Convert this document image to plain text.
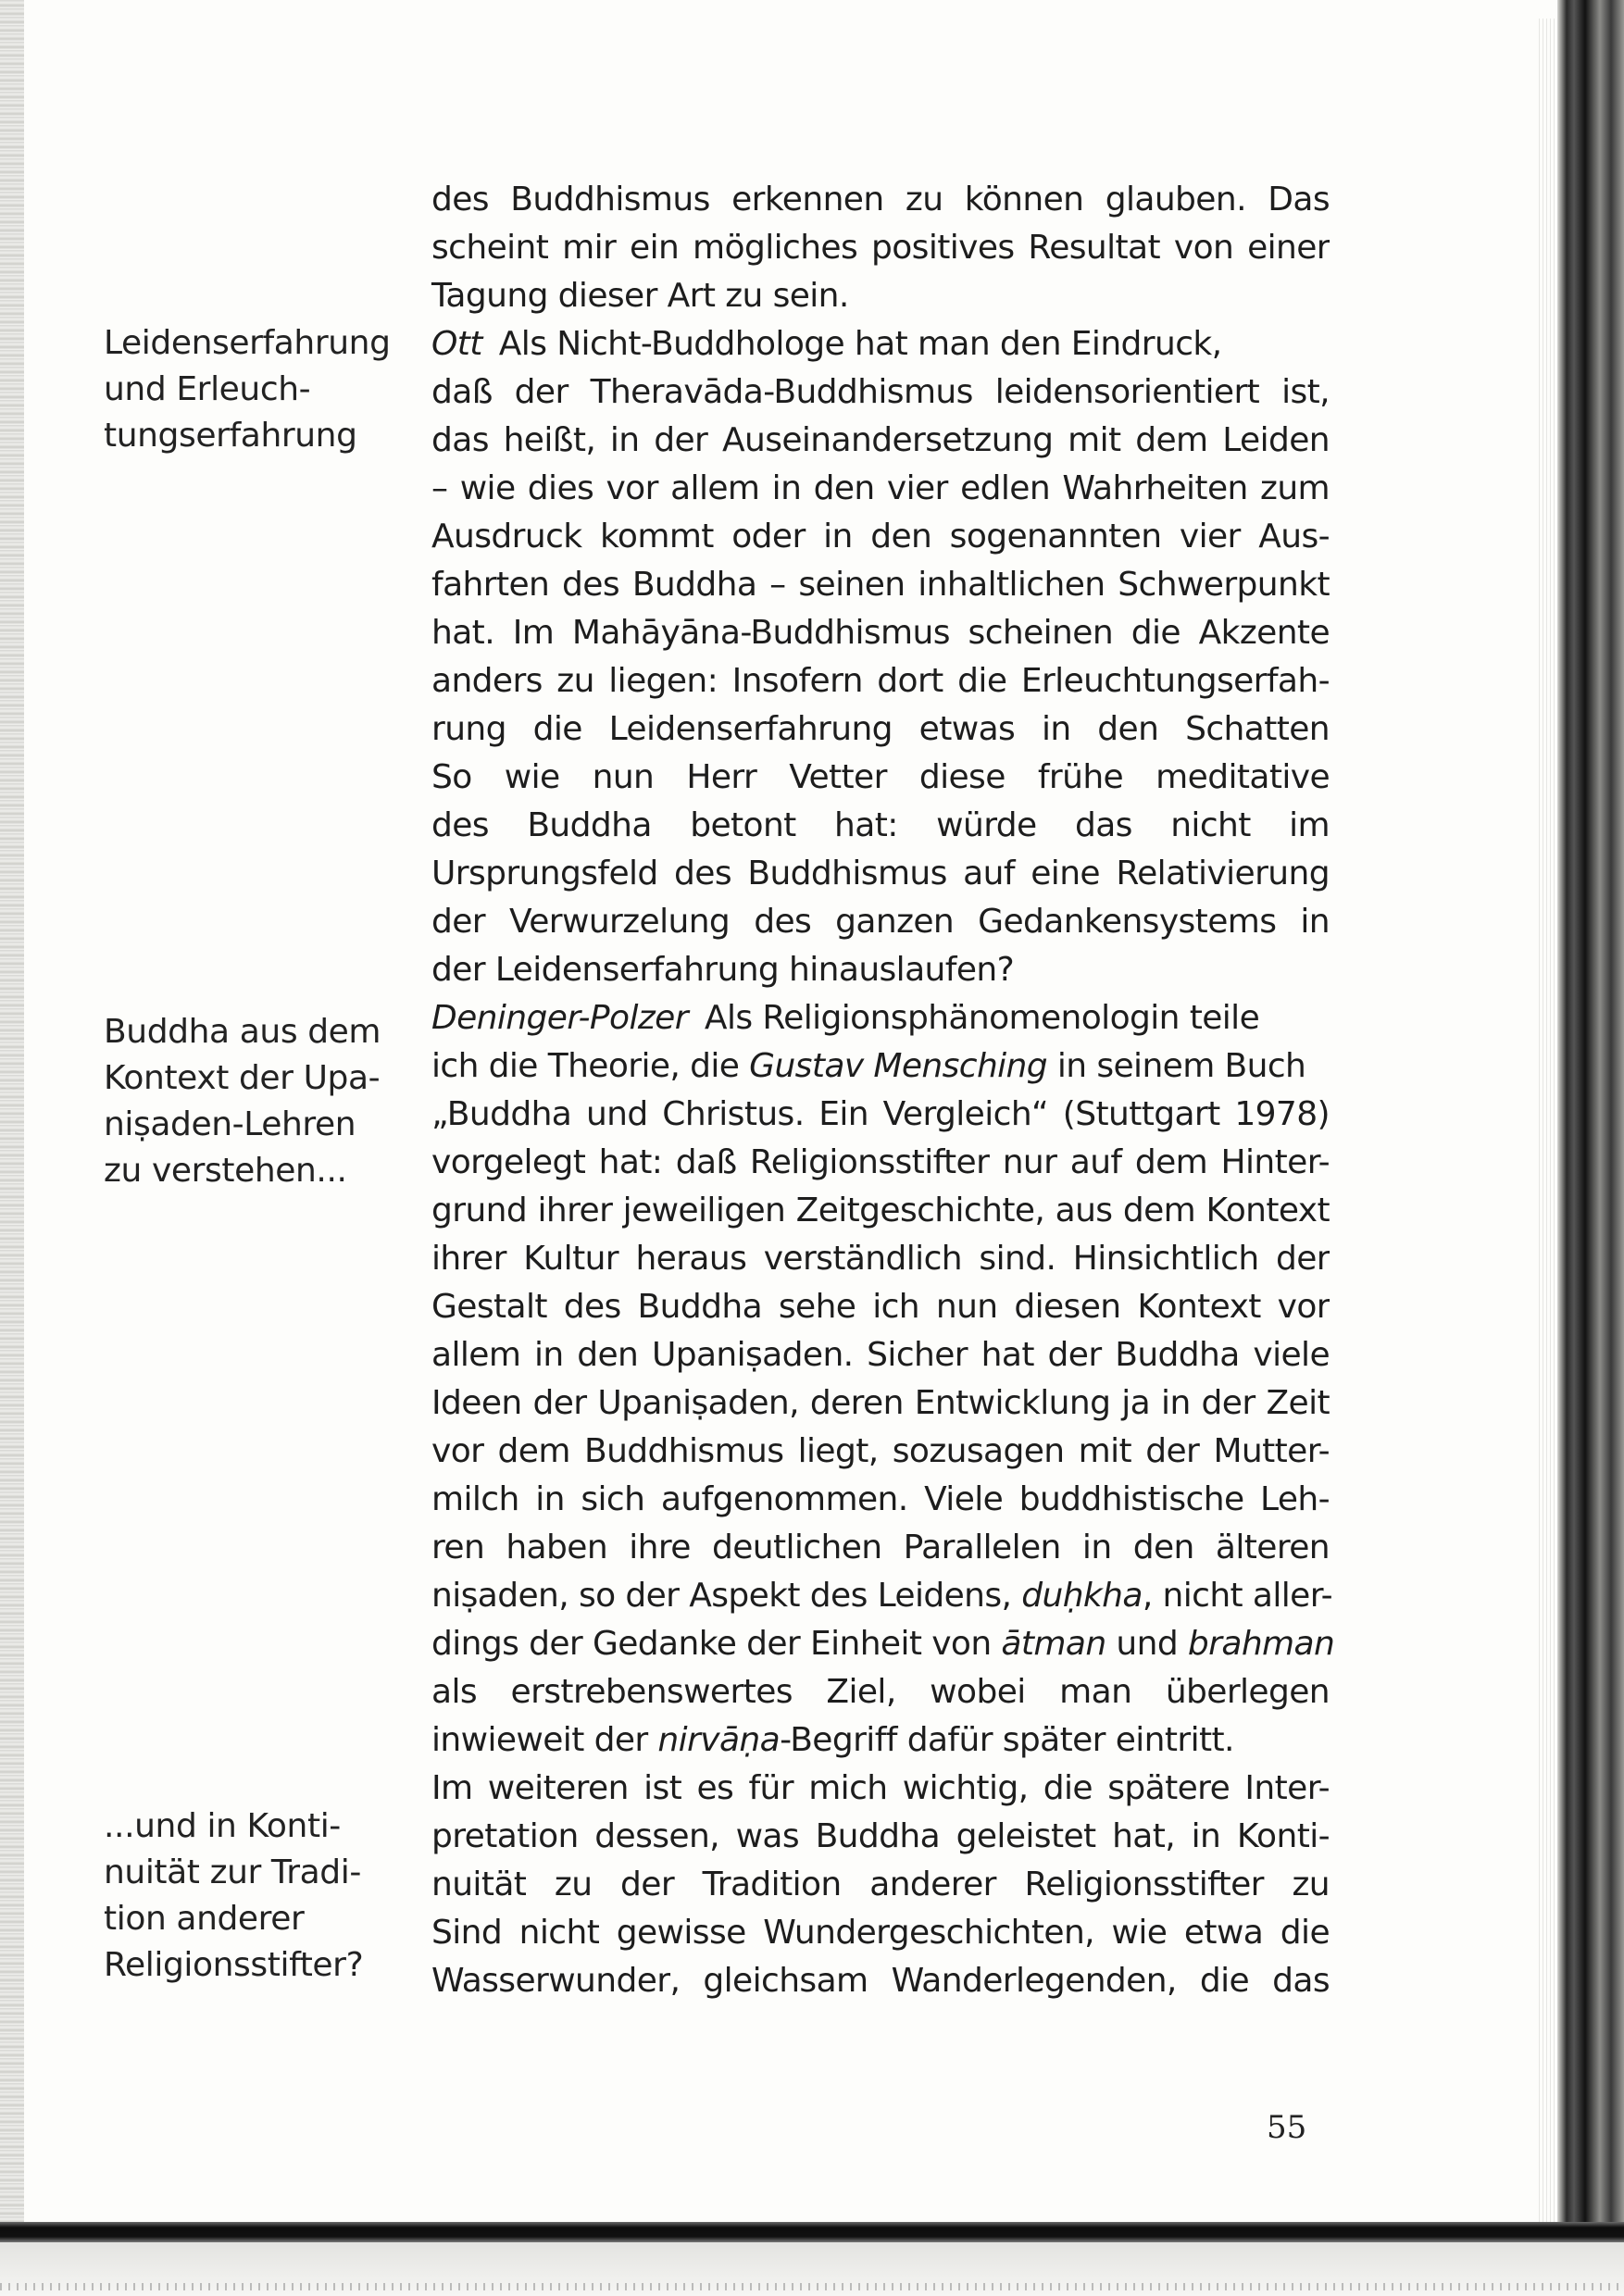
Leidenserfahrung
und Erleuch-
tungserfahrung
Buddha aus dem
Kontext der Upa-
niṣaden-Lehren
zu verstehen...
...und in Konti-
nuität zur Tradi-
tion anderer
Religionsstifter?
des Buddhismus erkennen zu können glauben. Das
scheint mir ein mögliches positives Resultat von einer
Tagung dieser Art zu sein.
Ott Als Nicht-Buddhologe hat man den Eindruck,
daß der Theravāda-Buddhismus leidensorientiert ist,
das heißt, in der Auseinandersetzung mit dem Leiden
– wie dies vor allem in den vier edlen Wahrheiten zum
Ausdruck kommt oder in den sogenannten vier Aus-
fahrten des Buddha – seinen inhaltlichen Schwerpunkt
hat. Im Mahāyāna-Buddhismus scheinen die Akzente
anders zu liegen: Insofern dort die Erleuchtungserfah-
rung die Leidenserfahrung etwas in den Schatten
So wie nun Herr Vetter diese frühe meditative
des Buddha betont hat: würde das nicht im
Ursprungsfeld des Buddhismus auf eine Relativierung
der Verwurzelung des ganzen Gedankensystems in
der Leidenserfahrung hinauslaufen?
Deninger-Polzer Als Religionsphänomenologin teile
ich die Theorie, die Gustav Mensching in seinem Buch
„Buddha und Christus. Ein Vergleich“ (Stuttgart 1978)
vorgelegt hat: daß Religionsstifter nur auf dem Hinter-
grund ihrer jeweiligen Zeitgeschichte, aus dem Kontext
ihrer Kultur heraus verständlich sind. Hinsichtlich der
Gestalt des Buddha sehe ich nun diesen Kontext vor
allem in den Upaniṣaden. Sicher hat der Buddha viele
Ideen der Upaniṣaden, deren Entwicklung ja in der Zeit
vor dem Buddhismus liegt, sozusagen mit der Mutter-
milch in sich aufgenommen. Viele buddhistische Leh-
ren haben ihre deutlichen Parallelen in den älteren
niṣaden, so der Aspekt des Leidens, duḥkha, nicht aller-
dings der Gedanke der Einheit von ātman und brahman
als erstrebenswertes Ziel, wobei man überlegen
inwieweit der nirvāṇa-Begriff dafür später eintritt.
Im weiteren ist es für mich wichtig, die spätere Inter-
pretation dessen, was Buddha geleistet hat, in Konti-
nuität zu der Tradition anderer Religionsstifter zu
Sind nicht gewisse Wundergeschichten, wie etwa die
Wasserwunder, gleichsam Wanderlegenden, die das
55
